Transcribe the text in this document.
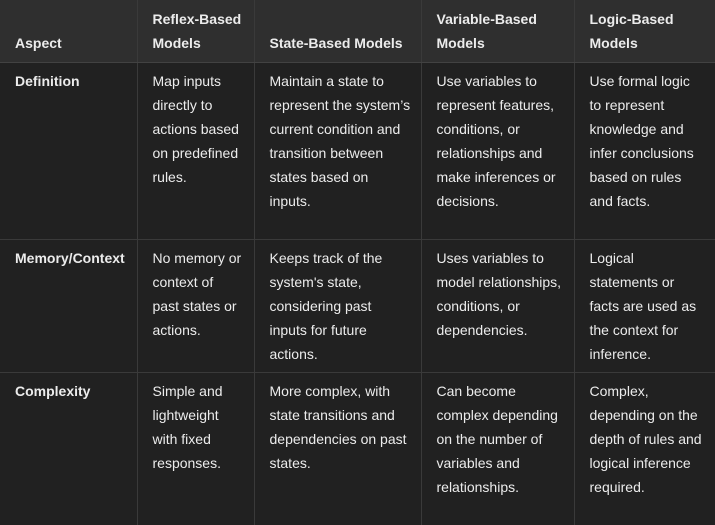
Aspect	Reflex-Based Models	State-Based Models	Variable-Based Models	Logic-Based Models
Definition	Map inputs directly to actions based on predefined rules.	Maintain a state to represent the system’s current condition and transition between states based on inputs.	Use variables to represent features, conditions, or relationships and make inferences or decisions.	Use formal logic to represent knowledge and infer conclusions based on rules and facts.
Memory/Context	No memory or context of past states or actions.	Keeps track of the system's state, considering past inputs for future actions.	Uses variables to model relationships, conditions, or dependencies.	Logical statements or facts are used as the context for inference.
Complexity	Simple and lightweight with fixed responses.	More complex, with state transitions and dependencies on past states.	Can become complex depending on the number of variables and relationships.	Complex, depending on the depth of rules and logical inference required.
